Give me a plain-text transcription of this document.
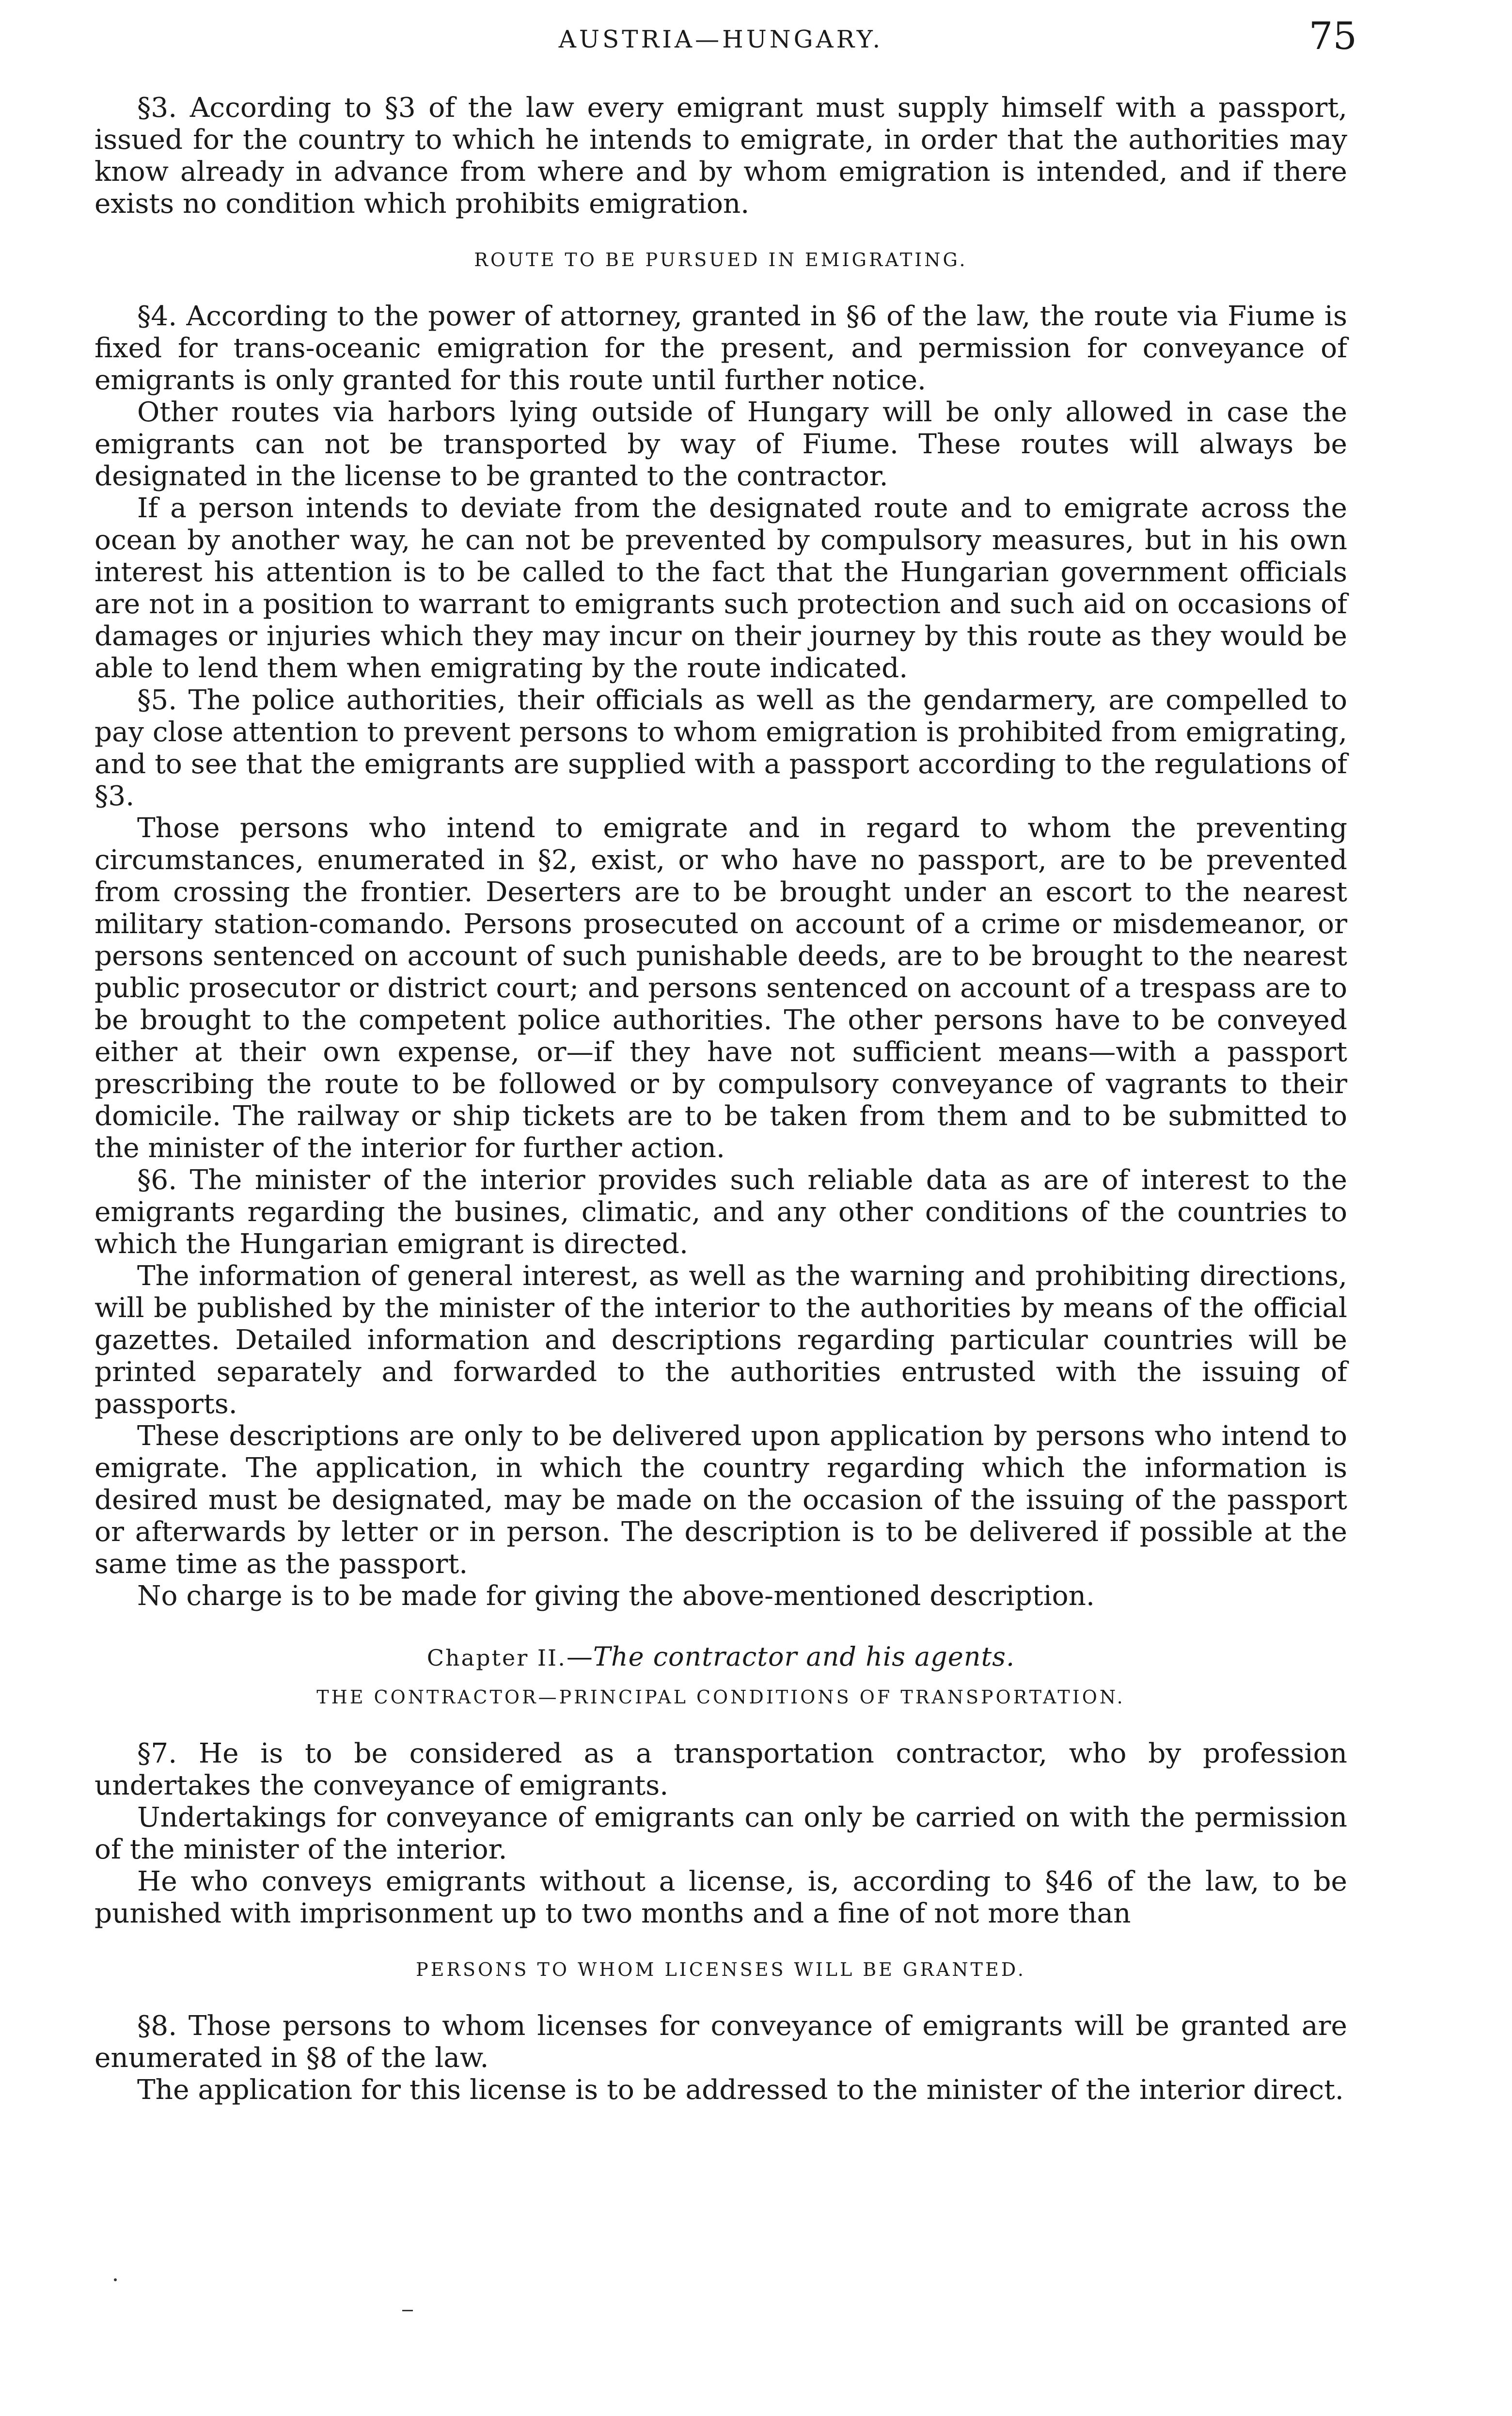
AUSTRIA—HUNGARY.	75

§3. According to §3 of the law every emigrant must supply himself with a passport, issued for the country to which he intends to emigrate, in order that the authorities may know already in advance from where and by whom emigration is intended, and if there exists no condition which prohibits emigration.

ROUTE TO BE PURSUED IN EMIGRATING.

§4. According to the power of attorney, granted in §6 of the law, the route via Fiume is fixed for trans-oceanic emigration for the present, and permission for conveyance of emigrants is only granted for this route until further notice.

Other routes via harbors lying outside of Hungary will be only allowed in case the emigrants can not be transported by way of Fiume. These routes will always be designated in the license to be granted to the contractor.

If a person intends to deviate from the designated route and to emigrate across the ocean by another way, he can not be prevented by compulsory measures, but in his own interest his attention is to be called to the fact that the Hungarian government officials are not in a position to warrant to emigrants such protection and such aid on occasions of damages or injuries which they may incur on their journey by this route as they would be able to lend them when emigrating by the route indicated.

§5. The police authorities, their officials as well as the gendarmery, are compelled to pay close attention to prevent persons to whom emigration is prohibited from emigrating, and to see that the emigrants are supplied with a passport according to the regulations of §3.

Those persons who intend to emigrate and in regard to whom the preventing circumstances, enumerated in §2, exist, or who have no passport, are to be prevented from crossing the frontier. Deserters are to be brought under an escort to the nearest military station-comando. Persons prosecuted on account of a crime or misdemeanor, or persons sentenced on account of such punishable deeds, are to be brought to the nearest public prosecutor or district court; and persons sentenced on account of a trespass are to be brought to the competent police authorities. The other persons have to be conveyed either at their own expense, or—if they have not sufficient means—with a passport prescribing the route to be followed or by compulsory conveyance of vagrants to their domicile. The railway or ship tickets are to be taken from them and to be submitted to the minister of the interior for further action.

§6. The minister of the interior provides such reliable data as are of interest to the emigrants regarding the busines, climatic, and any other conditions of the countries to which the Hungarian emigrant is directed.

The information of general interest, as well as the warning and prohibiting directions, will be published by the minister of the interior to the authorities by means of the official gazettes. Detailed information and descriptions regarding particular countries will be printed separately and forwarded to the authorities entrusted with the issuing of passports.

These descriptions are only to be delivered upon application by persons who intend to emigrate. The application, in which the country regarding which the information is desired must be designated, may be made on the occasion of the issuing of the passport or afterwards by letter or in person. The description is to be delivered if possible at the same time as the passport.

No charge is to be made for giving the above-mentioned description.

Chapter II.—The contractor and his agents.
THE CONTRACTOR—PRINCIPAL CONDITIONS OF TRANSPORTATION.

§7. He is to be considered as a transportation contractor, who by profession undertakes the conveyance of emigrants.

Undertakings for conveyance of emigrants can only be carried on with the permission of the minister of the interior.

He who conveys emigrants without a license, is, according to §46 of the law, to be punished with imprisonment up to two months and a fine of not more than

PERSONS TO WHOM LICENSES WILL BE GRANTED.

§8. Those persons to whom licenses for conveyance of emigrants will be granted are enumerated in §8 of the law.

The application for this license is to be addressed to the minister of the interior direct.
